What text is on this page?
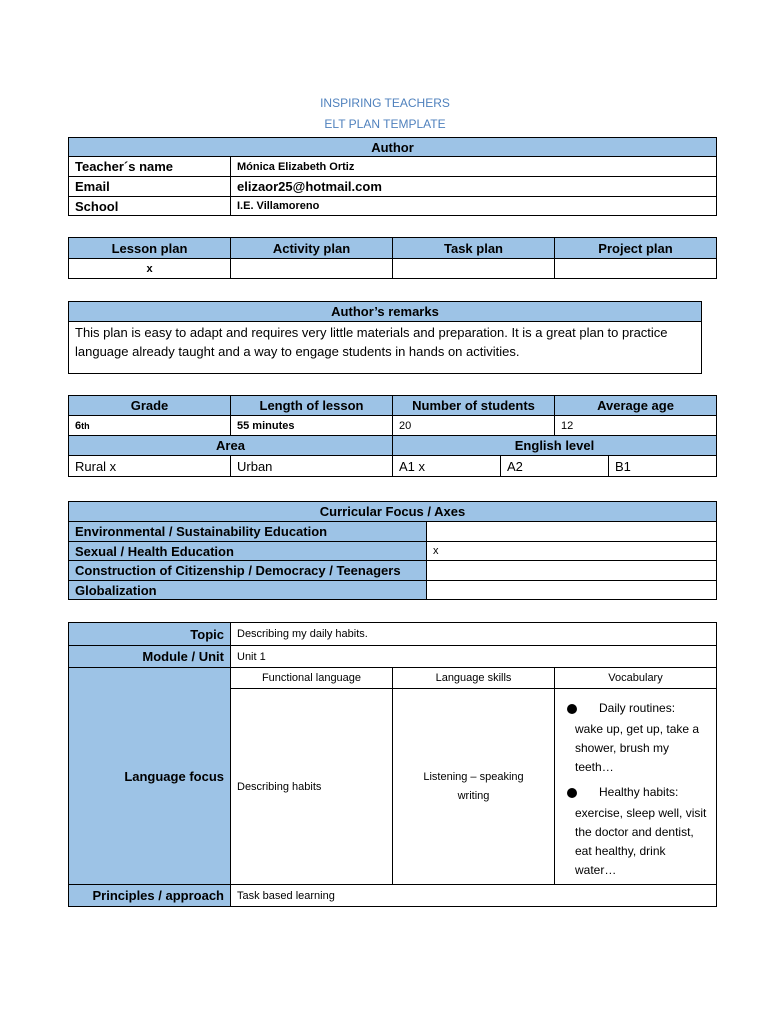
INSPIRING TEACHERS
ELT PLAN TEMPLATE
Author	
Teacher´s name	Mónica Elizabeth Ortiz
Email	elizaor25@hotmail.com
School	I.E. Villamoreno
Lesson plan	Activity plan	Task plan	Project plan
x			
Author’s remarks
This plan is easy to adapt and requires very little materials and preparation. It is a great plan to practice language already taught and a way to engage students in hands on activities.
Grade	Length of lesson	Number of students		Average age	
6th	55 minutes	20		12	
Area		English level			
Rural x	Urban	A1 x	A2		B1
Curricular Focus / Axes	
Environmental / Sustainability Education	
Sexual / Health Education	x
Construction of Citizenship / Democracy / Teenagers	
Globalization	
Topic	Describing my daily habits.		
Module / Unit	Unit 1		
Language focus	Functional language	Language skills	Vocabulary
	Describing habits	Listening – speaking writing	Daily routines:

wake up, get up, take a shower, brush my teeth…

Healthy habits:

exercise, sleep well, visit the doctor and dentist, eat healthy, drink water…

Principles / approach	Task based learning		
